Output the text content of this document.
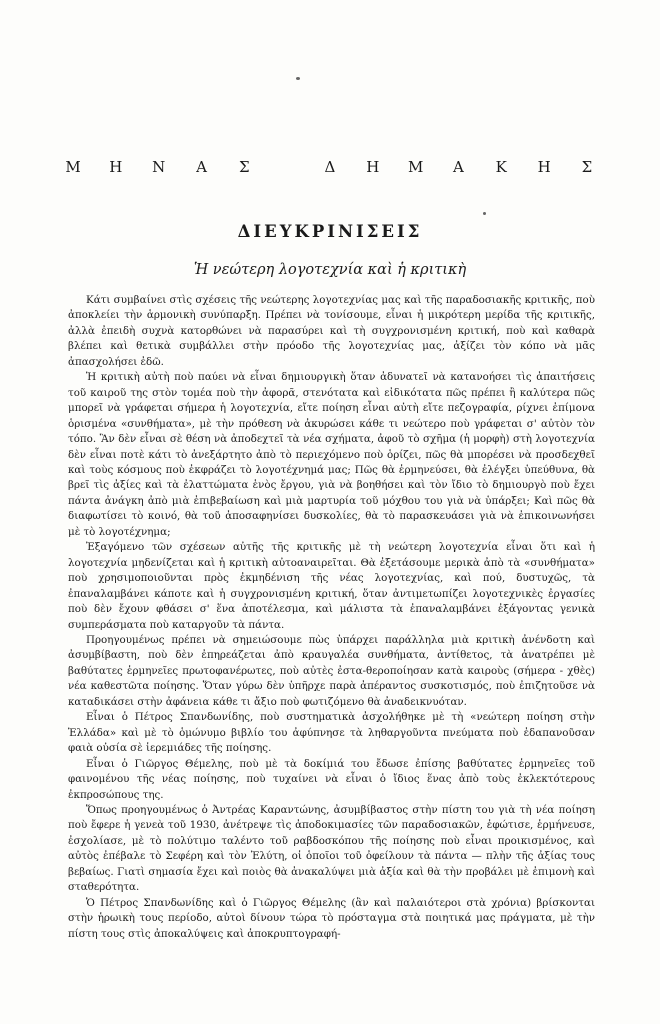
Μ	Η	Ν	Α	Σ	Δ	Η	Μ	Α	Κ	Η	Σ
ΔΙΕΥΚΡΙΝΙΣΕΙΣ
Ἡ νεώτερη λογοτεχνία καὶ ἡ κριτικὴ

Κάτι συμβαίνει στὶς σχέσεις τῆς νεώτερης λογοτεχνίας μας καὶ τῆς παραδοσιακῆς κριτικῆς, ποὺ ἀποκλείει τὴν ἁρμονικὴ συνύπαρξη. Πρέπει νὰ τονίσουμε, εἶναι ἡ μικρότερη μερίδα τῆς κριτικῆς, ἀλλὰ ἐπειδὴ συχνὰ κατορθώνει νὰ παρασύρει καὶ τὴ συγχρονισμένη κριτική, ποὺ καὶ καθαρὰ βλέπει καὶ θετικὰ συμβάλλει στὴν πρόοδο τῆς λογοτεχνίας μας, ἀξίζει τὸν κόπο νὰ μᾶς ἀπασχολήσει ἐδῶ.

Ἡ κριτικὴ αὐτὴ ποὺ παύει νὰ εἶναι δημιουργικὴ ὅταν ἀδυνατεῖ νὰ κατανοήσει τὶς ἀπαιτήσεις τοῦ καιροῦ της στὸν τομέα ποὺ τὴν ἀφορᾶ, στενότατα καὶ εἰδικότατα πῶς πρέπει ἢ καλύτερα πῶς μπορεῖ νὰ γράφεται σήμερα ἡ λογοτεχνία, εἴτε ποίηση εἶναι αὐτὴ εἴτε πεζογραφία, ρίχνει ἐπίμονα ὁρισμένα «συνθήματα», μὲ τὴν πρόθεση νὰ ἀκυρώσει κάθε τι νεώτερο ποὺ γράφεται σ' αὐτὸν τὸν τόπο. Ἂν δὲν εἶναι σὲ θέση νὰ ἀποδεχτεῖ τὰ νέα σχήματα, ἀφοῦ τὸ σχῆμα (ἡ μορφὴ) στὴ λογοτεχνία δὲν εἶναι ποτὲ κάτι τὸ ἀνεξάρτητο ἀπὸ τὸ περιεχόμενο ποὺ ὁρίζει, πῶς θὰ μπορέσει νὰ προσδεχθεῖ καὶ τοὺς κόσμους ποὺ ἐκφράζει τὸ λογοτέχνημά μας; Πῶς θὰ ἑρμηνεύσει, θὰ ἐλέγξει ὑπεύθυνα, θὰ βρεῖ τὶς ἀξίες καὶ τὰ ἐλαττώματα ἑνὸς ἔργου, γιὰ νὰ βοηθήσει καὶ τὸν ἴδιο τὸ δημιουργὸ ποὺ ἔχει πάντα ἀνάγκη ἀπὸ μιὰ ἐπιβεβαίωση καὶ μιὰ μαρτυρία τοῦ μόχθου του γιὰ νὰ ὑπάρξει; Καὶ πῶς θὰ διαφωτίσει τὸ κοινό, θὰ τοῦ ἀποσαφηνίσει δυσκολίες, θὰ τὸ παρασκευάσει γιὰ νὰ ἐπικοινωνήσει μὲ τὸ λογοτέχνημα;

Ἐξαγόμενο τῶν σχέσεων αὐτῆς τῆς κριτικῆς μὲ τὴ νεώτερη λογοτεχνία εἶναι ὅτι καὶ ἡ λογοτεχνία μηδενίζεται καὶ ἡ κριτικὴ αὐτοαναιρεῖται. Θὰ ἐξετάσουμε μερικὰ ἀπὸ τὰ «συνθήματα» ποὺ χρησιμοποιοῦνται πρὸς ἐκμηδένιση τῆς νέας λογοτεχνίας, καὶ πού, δυστυχῶς, τὰ ἐπαναλαμβάνει κάποτε καὶ ἡ συγχρονισμένη κριτική, ὅταν ἀντιμετωπίζει λογοτεχνικὲς ἐργασίες ποὺ δὲν ἔχουν φθάσει σ' ἕνα ἀποτέλεσμα, καὶ μάλιστα τὰ ἐπαναλαμβάνει ἐξάγοντας γενικὰ συμπεράσματα ποὺ καταργοῦν τὰ πάντα.

Προηγουμένως πρέπει νὰ σημειώσουμε πὼς ὑπάρχει παράλληλα μιὰ κριτικὴ ἀνένδοτη καὶ ἀσυμβίβαστη, ποὺ δὲν ἐπηρεάζεται ἀπὸ κραυγαλέα συνθήματα, ἀντίθετος, τὰ ἀνατρέπει μὲ βαθύτατες ἑρμηνεῖες πρωτοφανέρωτες, ποὺ αὐτὲς ἐστα-θεροποίησαν κατὰ καιροὺς (σήμερα - χθὲς) νέα καθεστῶτα ποίησης. Ὅταν γύρω δὲν ὑπῆρχε παρὰ ἀπέραντος συσκοτισμός, ποὺ ἐπιζητοῦσε νὰ καταδικάσει στὴν ἀφάνεια κάθε τι ἄξιο ποὺ φωτιζόμενο θὰ ἀναδεικνυόταν.

Εἶναι ὁ Πέτρος Σπανδωνίδης, ποὺ συστηματικὰ ἀσχολήθηκε μὲ τὴ «νεώτερη ποίηση στὴν Ἑλλάδα» καὶ μὲ τὸ ὁμώνυμο βιβλίο του ἀφύπνησε τὰ ληθαργοῦντα πνεύματα ποὺ ἐδαπανοῦσαν φαιὰ οὐσία σὲ ἱερεμιάδες τῆς ποίησης.

Εἶναι ὁ Γιῶργος Θέμελης, ποὺ μὲ τὰ δοκίμιά του ἔδωσε ἐπίσης βαθύτατες ἑρμηνεῖες τοῦ φαινομένου τῆς νέας ποίησης, ποὺ τυχαίνει νὰ εἶναι ὁ ἴδιος ἕνας ἀπὸ τοὺς ἐκλεκτότερους ἐκπροσώπους της.

Ὅπως προηγουμένως ὁ Ἀντρέας Καραντώνης, ἀσυμβίβαστος στὴν πίστη του γιὰ τὴ νέα ποίηση ποὺ ἔφερε ἡ γενεὰ τοῦ 1930, ἀνέτρεψε τὶς ἀποδοκιμασίες τῶν παραδοσιακῶν, ἐφώτισε, ἑρμήνευσε, ἐσχολίασε, μὲ τὸ πολύτιμο ταλέντο τοῦ ραβδοσκόπου τῆς ποίησης ποὺ εἶναι προικισμένος, καὶ αὐτὸς ἐπέβαλε τὸ Σεφέρη καὶ τὸν Ἐλύτη, οἱ ὁποῖοι τοῦ ὀφείλουν τὰ πάντα — πλὴν τῆς ἀξίας τους βεβαίως. Γιατὶ σημασία ἔχει καὶ ποιὸς θὰ ἀνακαλύψει μιὰ ἀξία καὶ θὰ τὴν προβάλει μὲ ἐπιμονὴ καὶ σταθερότητα.

Ὁ Πέτρος Σπανδωνίδης καὶ ὁ Γιῶργος Θέμελης (ἂν καὶ παλαιότεροι στὰ χρόνια) βρίσκονται στὴν ἡρωικὴ τους περίοδο, αὐτοὶ δίνουν τώρα τὸ πρόσταγμα στὰ ποιητικά μας πράγματα, μὲ τὴν πίστη τους στὶς ἀποκαλύψεις καὶ ἀποκρυπτογραφή-
